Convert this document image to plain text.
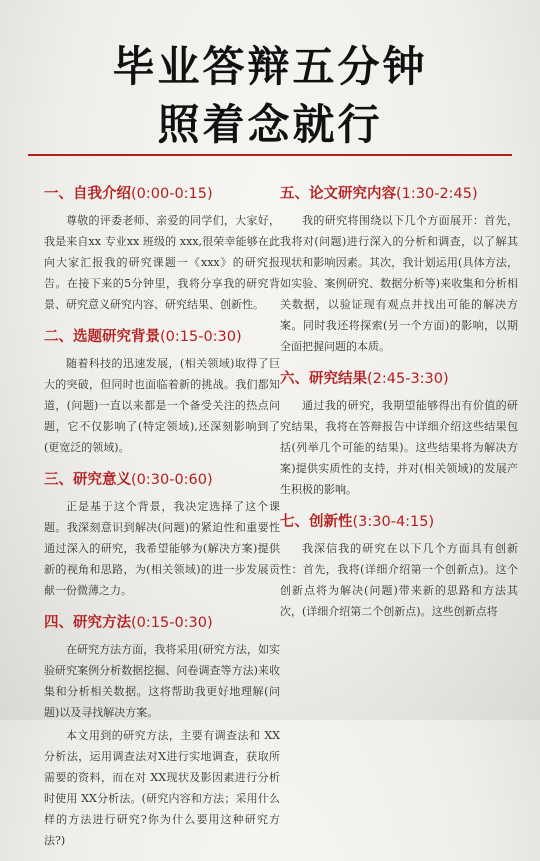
毕业答辩五分钟
照着念就行
一、自我介绍(0:00-0:15)

尊敬的评委老师、亲爱的同学们，大家好，我是来自xx 专业xx 班级的 xxx,很荣幸能够在此向大家汇报我的研究课题一《xxx》的研究报告。在接下来的5分钟里，我将分享我的研究背景、研究意义研究内容、研究结果、创新性。

二、选题研究背景(0:15-0:30)

随着科技的迅速发展，(相关领域)取得了巨大的突破，但同时也面临着新的挑战。我们都知道，(问题)一直以来都是一个备受关注的热点问题，它不仅影响了(特定领域),还深刻影响到了(更宽泛的领域)。

三、研究意义(0:30-0:60)

正是基于这个背景，我决定选择了这个课题。我深刻意识到解决(问题)的紧迫性和重要性通过深入的研究，我希望能够为(解决方案)提供新的视角和思路，为(相关领域)的进一步发展贡献一份微薄之力。

四、研究方法(0:15-0:30)

在研究方法方面，我将采用(研究方法，如实验研究案例分析数据挖掘、问卷调查等方法)来收集和分析相关数据。这将帮助我更好地理解(问题)以及寻找解决方案。

本文用到的研究方法，主要有调查法和 XX 分析法，运用调查法对X进行实地调查，获取所需要的资料，而在对 XX现状及影因素进行分析时使用 XX分析法。(研究内容和方法；采用什么样的方法进行研究?你为什么要用这种研究方法?)

五、论文研究内容(1:30-2:45)

我的研究将围绕以下几个方面展开：首先，我将对(问题)进行深入的分析和调查，以了解其现状和影响因素。其次，我计划运用(具体方法，如实验、案例研究、数据分析等)来收集和分析相关数据，以验证现有观点并找出可能的解决方案。同时我还将探索(另一个方面)的影响，以期全面把握问题的本质。

六、研究结果(2:45-3:30)

通过我的研究，我期望能够得出有价值的研究结果，我将在答辩报告中详细介绍这些结果包括(列举几个可能的结果)。这些结果将为解决方案)提供实质性的支持，并对(相关领域)的发展产生积极的影响。

七、创新性(3:30-4:15)

我深信我的研究在以下几个方面具有创新性：首先，我将(详细介绍第一个创新点)。这个创新点将为解决(问题)带来新的思路和方法其次，(详细介绍第二个创新点)。这些创新点将
